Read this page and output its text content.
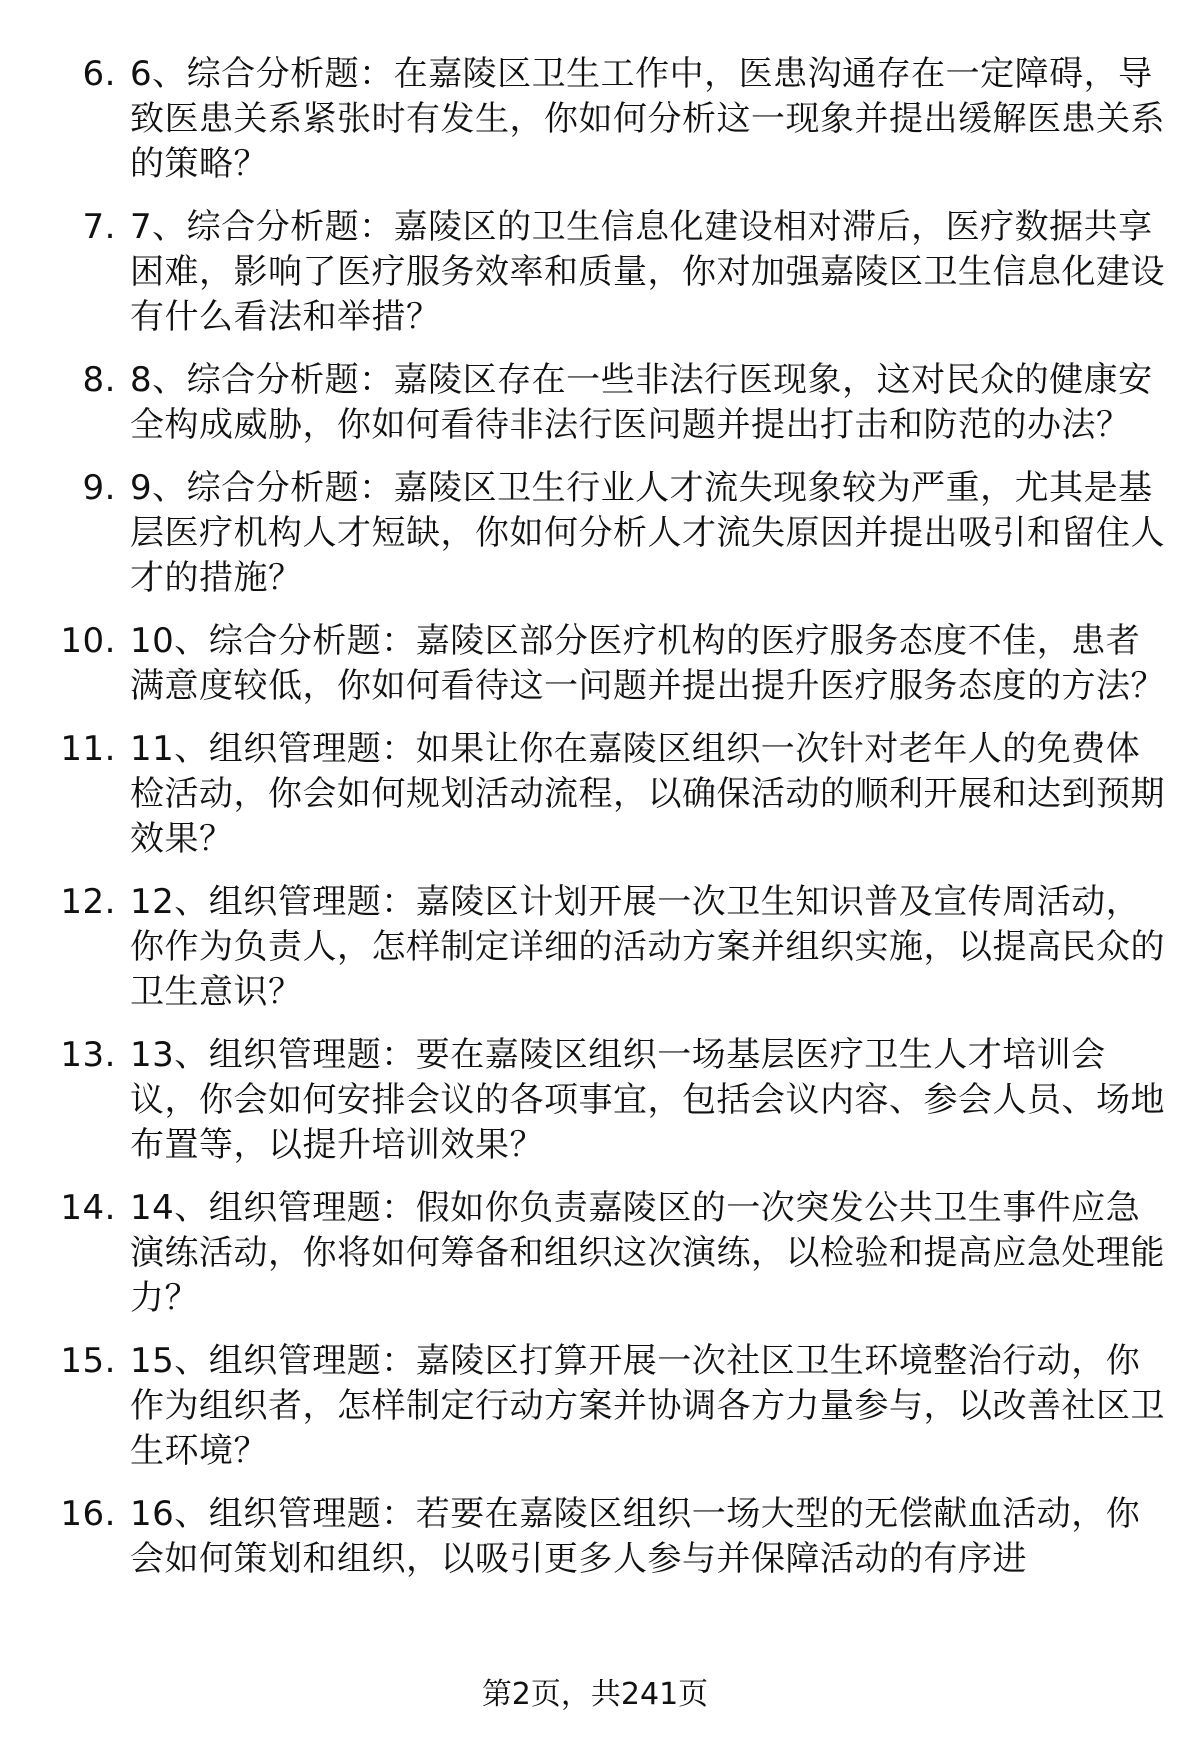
6. 6、综合分析题：在嘉陵区卫生工作中，医患沟通存在一定障碍，导致医患关系紧张时有发生，你如何分析这一现象并提出缓解医患关系的策略？
7. 7、综合分析题：嘉陵区的卫生信息化建设相对滞后，医疗数据共享困难，影响了医疗服务效率和质量，你对加强嘉陵区卫生信息化建设有什么看法和举措？
8. 8、综合分析题：嘉陵区存在一些非法行医现象，这对民众的健康安全构成威胁，你如何看待非法行医问题并提出打击和防范的办法？
9. 9、综合分析题：嘉陵区卫生行业人才流失现象较为严重，尤其是基层医疗机构人才短缺，你如何分析人才流失原因并提出吸引和留住人才的措施？
10. 10、综合分析题：嘉陵区部分医疗机构的医疗服务态度不佳，患者满意度较低，你如何看待这一问题并提出提升医疗服务态度的方法？
11. 11、组织管理题：如果让你在嘉陵区组织一次针对老年人的免费体检活动，你会如何规划活动流程，以确保活动的顺利开展和达到预期效果？
12. 12、组织管理题：嘉陵区计划开展一次卫生知识普及宣传周活动，你作为负责人，怎样制定详细的活动方案并组织实施，以提高民众的卫生意识？
13. 13、组织管理题：要在嘉陵区组织一场基层医疗卫生人才培训会议，你会如何安排会议的各项事宜，包括会议内容、参会人员、场地布置等，以提升培训效果？
14. 14、组织管理题：假如你负责嘉陵区的一次突发公共卫生事件应急演练活动，你将如何筹备和组织这次演练，以检验和提高应急处理能力？
15. 15、组织管理题：嘉陵区打算开展一次社区卫生环境整治行动，你作为组织者，怎样制定行动方案并协调各方力量参与，以改善社区卫生环境？
16. 16、组织管理题：若要在嘉陵区组织一场大型的无偿献血活动，你会如何策划和组织，以吸引更多人参与并保障活动的有序进
第2页，共241页
